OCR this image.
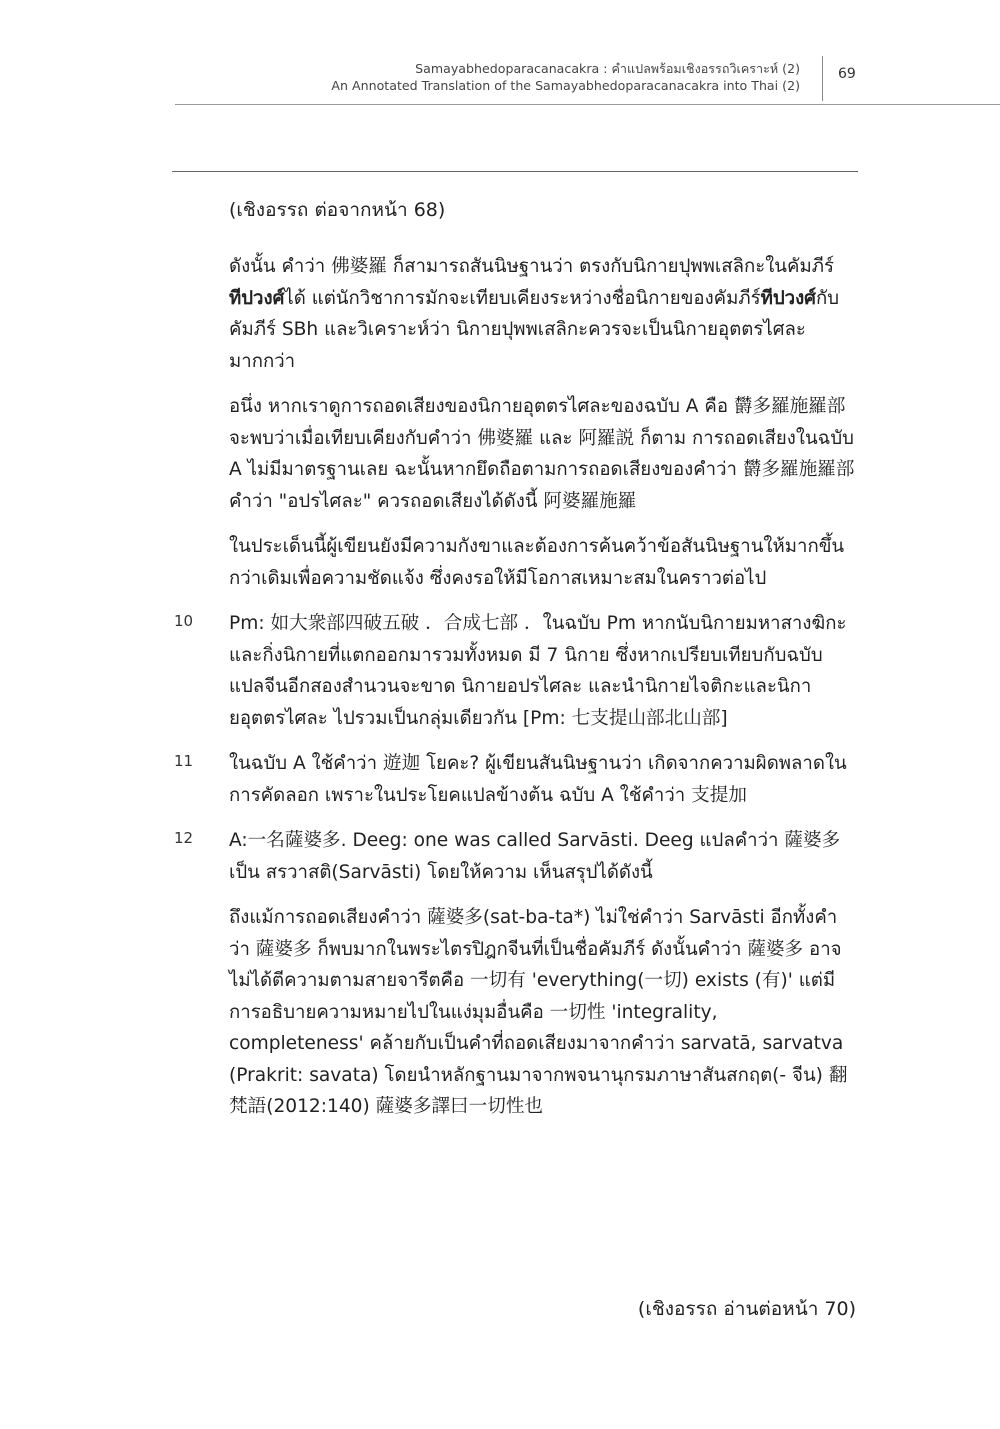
Samayabhedoparacanacakra : คำแปลพร้อมเชิงอรรถวิเคราะห์ (2)
An Annotated Translation of the Samayabhedoparacanacakra into Thai (2)
69
(เชิงอรรถ ต่อจากหน้า 68)
ดังนั้น คำว่า 佛婆羅 ก็สามารถสันนิษฐานว่า ตรงกับนิกายปุพพเสลิกะในคัมภีร์ทีปวงศ์ได้ แต่นักวิชาการมักจะเทียบเคียงระหว่างชื่อนิกายของคัมภีร์ทีปวงศ์กับคัมภีร์ SBh และวิเคราะห์ว่า นิกายปุพพเสลิกะควรจะเป็นนิกายอุตตรไศละมากกว่า
อนึ่ง หากเราดูการถอดเสียงของนิกายอุตตรไศละของฉบับ A คือ 欝多羅施羅部 จะพบว่าเมื่อเทียบเคียงกับคำว่า 佛婆羅 และ 阿羅説 ก็ตาม การถอดเสียงในฉบับ A ไม่มีมาตรฐานเลย ฉะนั้นหากยึดถือตามการถอดเสียงของคำว่า 欝多羅施羅部 คำว่า "อปรไศละ" ควรถอดเสียงได้ดังนี้ 阿婆羅施羅
ในประเด็นนี้ผู้เขียนยังมีความกังขาและต้องการค้นคว้าข้อสันนิษฐานให้มากขึ้นกว่าเดิมเพื่อความชัดแจ้ง ซึ่งคงรอให้มีโอกาสเหมาะสมในคราวต่อไป
10 Pm: 如大衆部四破五破 ．合成七部 ．ในฉบับ Pm หากนับนิกายมหาสางฆิกะและกิ่งนิกายที่แตกออกมารวมทั้งหมด มี 7 นิกาย ซึ่งหากเปรียบเทียบกับฉบับแปลจีนอีกสองสำนวนจะขาด นิกายอปรไศละ และนำนิกายไจติกะและนิกายอุตตรไศละ ไปรวมเป็นกลุ่มเดียวกัน [Pm: 七支提山部北山部]
11 ในฉบับ A ใช้คำว่า 遊迦 โยคะ? ผู้เขียนสันนิษฐานว่า เกิดจากความผิดพลาดในการคัดลอก เพราะในประโยคแปลข้างต้น ฉบับ A ใช้คำว่า 支提加
12 A:一名薩婆多. Deeg: one was called Sarvāsti. Deeg แปลคำว่า 薩婆多 เป็น สรวาสติ(Sarvāsti) โดยให้ความ เห็นสรุปได้ดังนี้
ถึงแม้การถอดเสียงคำว่า 薩婆多(sat-ba-ta*) ไม่ใช่คำว่า Sarvāsti อีกทั้งคำว่า 薩婆多 ก็พบมากในพระไตรปิฎกจีนที่เป็นชื่อคัมภีร์ ดังนั้นคำว่า 薩婆多 อาจไม่ได้ตีความตามสายจารีตคือ 一切有 'everything(一切) exists (有)' แต่มีการอธิบายความหมายไปในแง่มุมอื่นคือ 一切性 'integrality, completeness' คล้ายกับเป็นคำที่ถอดเสียงมาจากคำว่า sarvatā, sarvatva (Prakrit: savata) โดยนำหลักฐานมาจากพจนานุกรมภาษาสันสกฤต(- จีน) 翻梵語(2012:140) 薩婆多譯曰一切性也
(เชิงอรรถ อ่านต่อหน้า 70)
